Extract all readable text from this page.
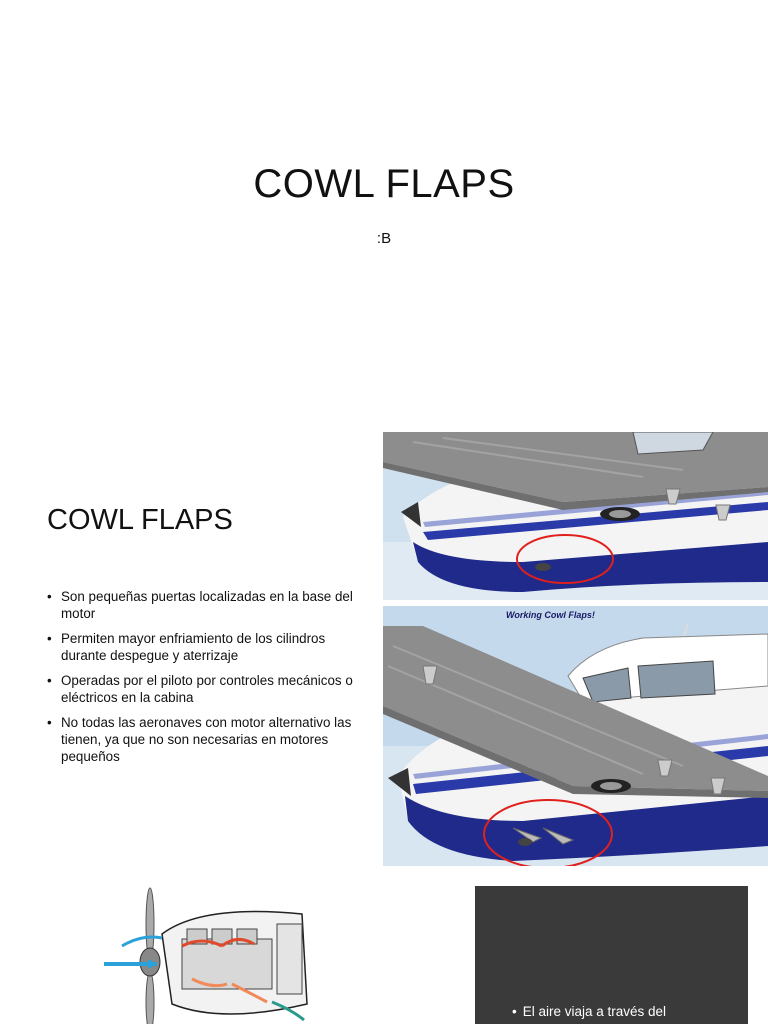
COWL FLAPS
:B
COWL FLAPS
• Son pequeñas puertas localizadas en la base del motor
• Permiten mayor enfriamiento de los cilindros durante despegue y aterrizaje
• Operadas por el piloto por controles mecánicos o eléctricos en la cabina
• No todas las aeronaves con motor alternativo las tienen, ya que no son necesarias en motores pequeños
Working Cowl Flaps!
• El aire viaja a través del
